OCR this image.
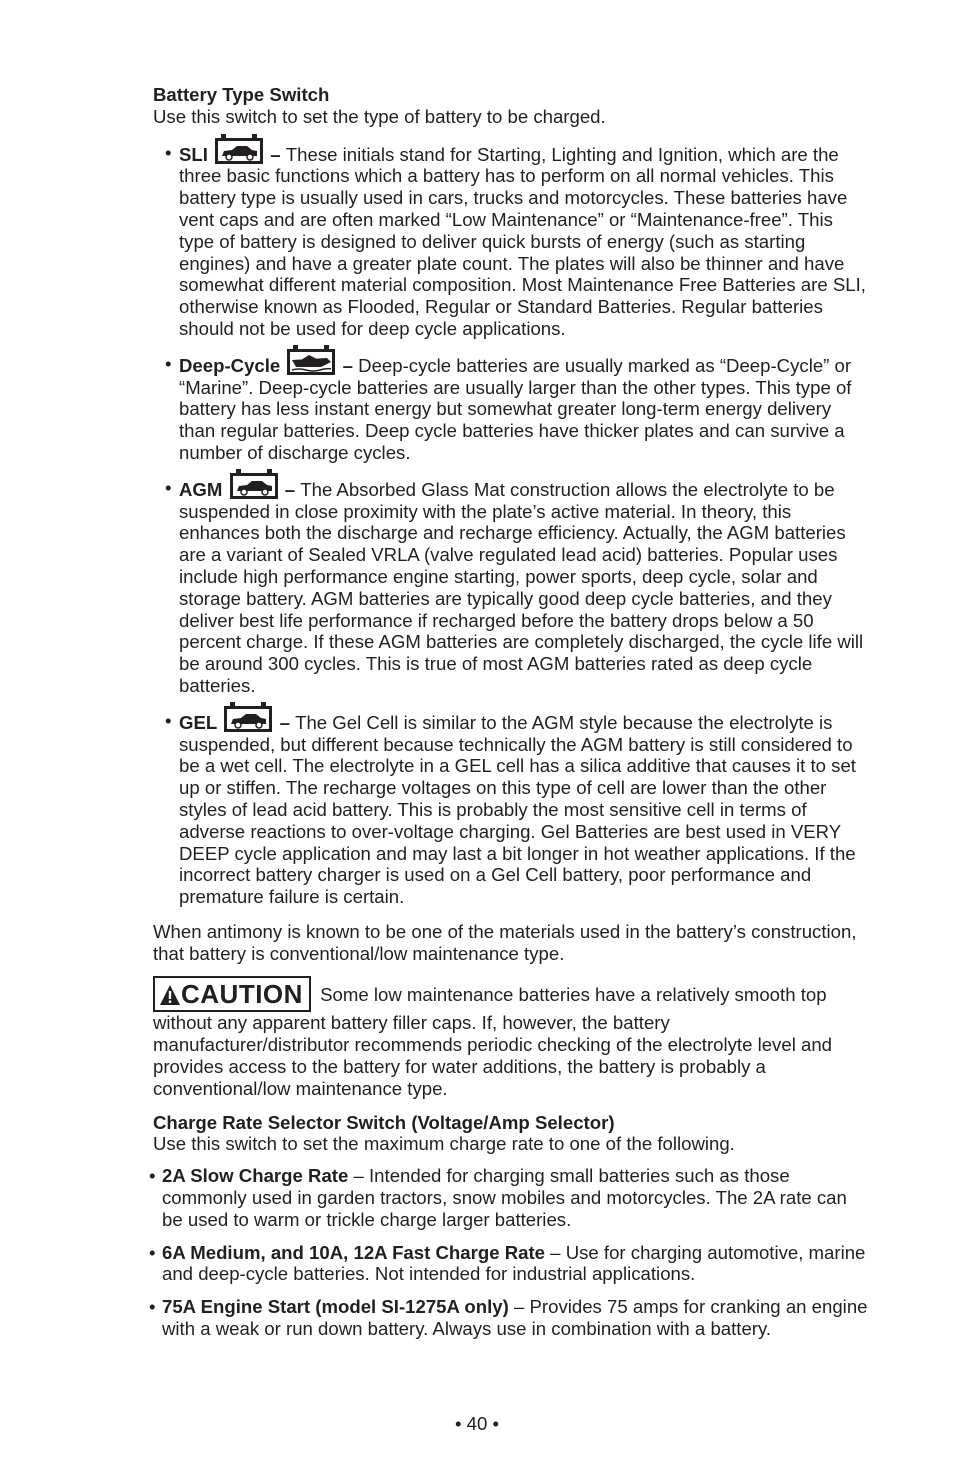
Battery Type Switch

Use this switch to set the type of battery to be charged.

• SLI	– These initials stand for Starting, Lighting and Ignition, which are the three basic functions which a battery has to perform on all normal vehicles. This battery type is usually used in cars, trucks and motorcycles. These batteries have vent caps and are often marked “Low Maintenance” or “Maintenance-free”. This type of battery is designed to deliver quick bursts of energy (such as starting engines) and have a greater plate count. The plates will also be thinner and have somewhat different material composition. Most Maintenance Free Batteries are SLI, otherwise known as Flooded, Regular or Standard Batteries. Regular batteries should not be used for deep cycle applications.
• Deep-Cycle	– Deep-cycle batteries are usually marked as “Deep-Cycle” or “Marine”. Deep-cycle batteries are usually larger than the other types. This type of battery has less instant energy but somewhat greater long-term energy delivery than regular batteries. Deep cycle batteries have thicker plates and can survive a number of discharge cycles.
• AGM	– The Absorbed Glass Mat construction allows the electrolyte to be suspended in close proximity with the plate’s active material. In theory, this enhances both the discharge and recharge efficiency. Actually, the AGM batteries are a variant of Sealed VRLA (valve regulated lead acid) batteries. Popular uses include high performance engine starting, power sports, deep cycle, solar and storage battery. AGM batteries are typically good deep cycle batteries, and they deliver best life performance if recharged before the battery drops below a 50 percent charge. If these AGM batteries are completely discharged, the cycle life will be around 300 cycles. This is true of most AGM batteries rated as deep cycle batteries.
• GEL	– The Gel Cell is similar to the AGM style because the electrolyte is suspended, but different because technically the AGM battery is still considered to be a wet cell. The electrolyte in a GEL cell has a silica additive that causes it to set up or stiffen. The recharge voltages on this type of cell are lower than the other styles of lead acid battery. This is probably the most sensitive cell in terms of adverse reactions to over-voltage charging. Gel Batteries are best used in VERY DEEP cycle application and may last a bit longer in hot weather applications. If the incorrect battery charger is used on a Gel Cell battery, poor performance and premature failure is certain.

When antimony is known to be one of the materials used in the battery’s construction, that battery is conventional/low maintenance type.

CAUTION Some low maintenance batteries have a relatively smooth top without any apparent battery filler caps. If, however, the battery manufacturer/distributor recommends periodic checking of the electrolyte level and provides access to the battery for water additions, the battery is probably a conventional/low maintenance type.
Charge Rate Selector Switch (Voltage/Amp Selector)

Use this switch to set the maximum charge rate to one of the following.

• 2A Slow Charge Rate – Intended for charging small batteries such as those commonly used in garden tractors, snow mobiles and motorcycles. The 2A rate can be used to warm or trickle charge larger batteries.
• 6A Medium, and 10A, 12A Fast Charge Rate – Use for charging automotive, marine and deep-cycle batteries. Not intended for industrial applications.
• 75A Engine Start (model SI-1275A only) – Provides 75 amps for cranking an engine with a weak or run down battery. Always use in combination with a battery.
• 40 •
